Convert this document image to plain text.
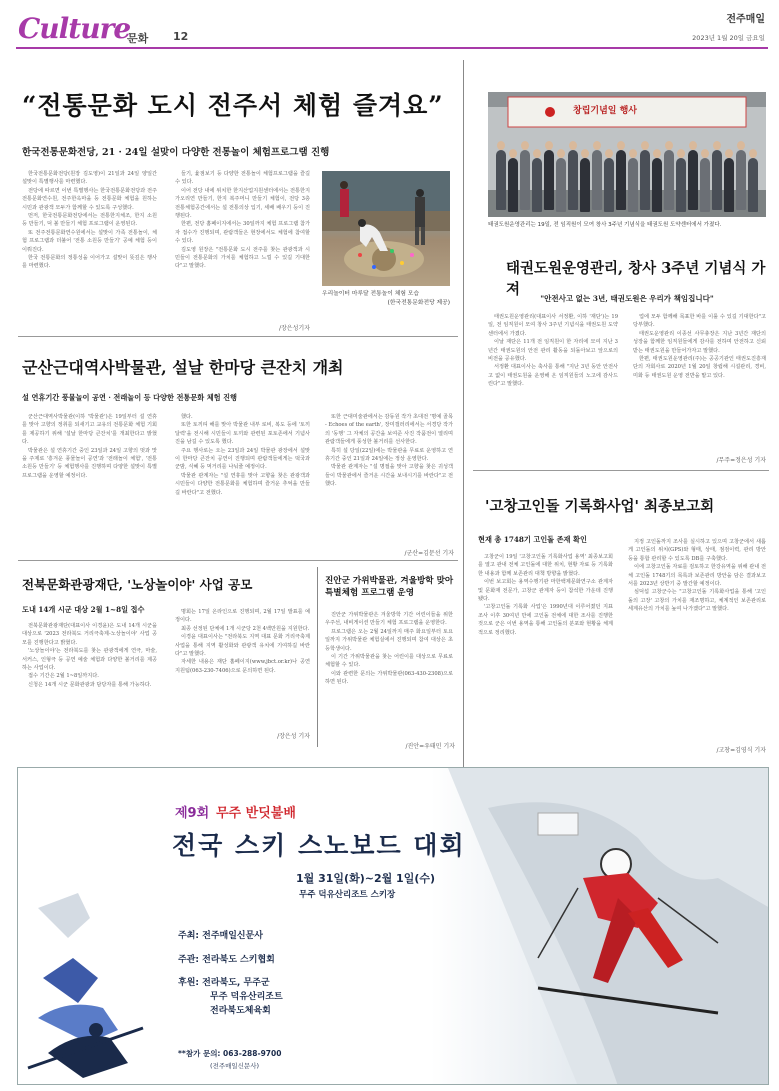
Culture
문화 12
전주매일
2023년 1월 20일 금요일
“전통문화 도시 전주서 체험 즐겨요”
한국전통문화전당, 21 · 24일 설맞이 다양한 전통놀이 체험프로그램 진행

한국전통문화전당(원장 김도영)이 21일과 24일 양일간 설맞이 특별행사를 마련했다.

전당에 따르면 이번 특별행사는 한국전통문화전당과 전주전통문화연수원, 전주한옥마을 등 전통문화 체험을 원하는 시민과 관광객 모두가 함께할 수 있도록 구성했다.

먼저, 한국전통문화전당에서는 전통한지체조, 한지 소원등 만들기, 덕 볼 만들기 체험 프로그램이 운영된다.

또 전주전통문화연수원에서는 설맞이 가족 전통놀이, 체험 프로그램과 더불어 '전통 소원등 만들기' 공예 체험 등이 이뤄진다.

한국 전통문화의 정통성을 이어가고 설맞이 뜻깊은 행사를 마련했다.

들기, 윷점보기 등 다양한 전통놀이 체험프로그램을 즐길 수 있다.

이어 전당 내에 위치한 한지산업지원센터에서는 전통한지 가오리연 만들기, 한지 복주머니 만들기 체험이, 전당 3층 전통체험공간에서는 설 전통의상 입기, 세배 배우기 등이 진행된다.

한편, 전당 홈페이지에서는 30일까지 체험 프로그램 참가자 접수가 진행되며, 관람객들은 현장에서도 체험에 참여할 수 있다.

김도영 원장은 "전통문화 도시 전주를 찾는 관광객과 시민들이 전통문화의 가치를 체험하고 느낄 수 있길 기대한다"고 말했다.

/장은성기자
우리놀이터 마루달 전통놀이 체험 모습
(한국전통문화전당 제공)
군산근대역사박물관, 설날 한마당 큰잔치 개최
설 연휴기간 풍물놀이 공연 · 전래놀이 등 다양한 전통문화 체험 진행

군산근대역사박물관(이하 '박물관')은 19일부터 설 연휴를 맞아 고향의 정취를 되새기고 교유의 전통문화 체험 기회를 제공하기 위해 '설날 한마당 큰잔치'를 개최한다고 밝혔다.

박물관은 설 연휴기간 중인 23일과 24일 고향의 멋과 맛을 주제로 '흥겨운 풍물놀이 공연'과 '전래놀이 체험', '전통 소원등 만들기' 등 체험행사를 진행하며 다양한 설맞이 특별 프로그램을 운영할 예정이다.

했다.

또한 토끼띠 해를 맞아 박물관 내부 로비, 복도 등에 '토끼 달력'을 전시해 시민들이 토끼와 관련된 포토존에서 기념사진을 남길 수 있도록 했다.

주요 행사로는 오는 23일과 24일 박물관 광장에서 설맞이 한마당 큰잔치 공연이 진행되며 관람객들에게는 떡국과 군밤, 식혜 등 먹거리를 나눠줄 예정이다.

박물관 관계자는 "설 연휴를 맞아 고향을 찾은 관광객과 시민들이 다양한 전통문화를 체험하며 즐거운 추억을 만들길 바란다"고 전했다.

또한 근대미술관에서는 감동원 작가 초대전 '명예 골목 - Echoes of the earth', 장미갤러리에서는 서경당 작가의 '동행' 그 자체의 공간을 보여준 사진 작품전이 열리며 관람객들에게 풍성한 볼거리를 선사한다.

특히 설 당일(22일)에는 박물관을 무료로 운영하고 연휴기간 중인 21일과 24일에는 정상 운영한다.

박물관 관계자는 "설 명절을 맞아 고향을 찾은 귀성객들이 박물관에서 즐거운 시간을 보내시기를 바란다"고 전했다.

/군산=김문선 기자
전북문화관광재단, '노상놀이야' 사업 공모
도내 14개 시군 대상 2월 1~8일 접수

전북문화관광재단(대표이사 이경윤)은 도내 14개 시군을 대상으로 '2023 전라북도 거리극축제-노상놀이야' 사업 공모를 진행한다고 밝혔다.

'노상놀이야'는 전라북도를 찾는 관광객에게 연극, 마술, 서커스, 인형극 등 공연 예술 체험과 다양한 볼거리를 제공하는 사업이다.

접수 기간은 2월 1~8일까지다.

신청은 14개 시군 문화관광과 담당자를 통해 가능하다.

명회는 17일 온라인으로 진행되며, 2월 17일 발표를 예정이다.

최종 선정된 단체에 1개 시군당 2천 4백만원을 지원한다.

이경윤 대표이사는 "전라북도 지역 대표 문화 거리극축제 사업을 통해 지역 활성화와 관광객 유치에 기여하길 바란다"고 말했다.

자세한 내용은 재단 홈페이지(www.jbct.or.kr)나 공연지원팀(063-230-7406)으로 문의하면 된다.

/장은성 기자
진안군 가위박물관, 겨울방학 맞아 특별체험 프로그램 운영

진안군 가위박물관은 겨울방학 기간 어린이들을 위한 우주선, 내비게이션 만들기 체험 프로그램을 운영한다.

프로그램은 오는 2월 24일까지 매주 화요일부터 토요일까지 가위박물관 체험실에서 진행되며 참여 대상은 초등학생이다.

이 기간 가위박물관을 찾는 어린이를 대상으로 무료로 체험할 수 있다.

이와 관련한 문의는 가위박물관(063-430-2308)으로 하면 된다.

/진안=우태민 기자
창립기념일 행사
태권도원운영관리는 19일, 전 임직원이 모여 창사 3주년 기념식을 태권도원 도약센터에서 가졌다.
태권도원운영관리, 창사 3주년 기념식 가져
"안전사고 없는 3년, 태권도원은 우리가 책임집니다"

태권도원운영관리(대표이사 서정환, 이하 '재단')는 19일, 전 임직원이 모여 창사 3주년 기념식을 태권도원 도약센터에서 가졌다.

이날 재단은 11개 전 임직원이 한 자리에 모여 지난 3년간 태권도원의 안전 관리 활동을 되돌아보고 앞으로의 비전을 공유했다.

서정환 대표이사는 축사를 통해 "지난 3년 동안 안전사고 없이 태권도원을 운영해 온 임직원들의 노고에 감사드린다"고 말했다.

업에 모두 함께해 목표한 바를 이룰 수 있길 기대한다"고 당부했다.

태권도운영관리 이종선 사무총장은 지난 3년간 재단의 성장을 함께한 임직원들에게 감사를 전하며 안전하고 신뢰받는 태권도원을 만들어가자고 말했다.

한편, 태권도원운영관리(주)는 공공기관인 태권도진흥재단의 자회사로 2020년 1월 20일 창립해 시설관리, 경비, 미화 등 태권도원 운영 전반을 맡고 있다.

/무주=정은성 기자
'고창고인돌 기록화사업' 최종보고회
현재 총 1748기 고인돌 존재 확인

고창군이 19일 '고창고인돌 기록화사업 용역' 최종보고회를 열고 관내 전체 고인돌에 대한 위치, 현황 자료 등 기록화한 내용과 함께 보존관리 대책 방향을 밝혔다.

이번 보고회는 용역수행기관 마한백제문화연구소 관계자 및 문화재 전문가, 고창군 관계자 등이 참석한 가운데 진행됐다.

'고창고인돌 기록화 사업'은 1990년대 이루어졌던 지표조사 이후 30여년 만에 고인돌 전체에 대한 조사를 진행한 것으로 군은 이번 용역을 통해 고인돌의 분포와 현황을 체계적으로 정리했다.

지정 고인돌까지 조사를 실시하고 있으며 고창군에서 새롭게 고인돌의 위치(GPS)와 형태, 상태, 점검이력, 관리 방안 등을 통합 관리할 수 있도록 DB를 구축했다.

이에 고창고인돌 자료를 검토하고 한강유역을 위해 관내 전체 고인돌 1748기의 목록과 보존관리 방안을 담은 결과보고서를 2023년 상반기 중 발간할 예정이다.

심덕섭 고창군수는 "고창고인돌 기록화사업을 통해 '고인돌의 고장' 고창의 가치를 재조명하고, 체계적인 보존관리로 세계유산의 가치를 높여 나가겠다"고 말했다.

/고창=김영식 기자
제9회 무주 반딧불배
전국 스키 스노보드 대회
1월 31일(화)~2월 1일(수)
무주 덕유산리조트 스키장
주최: 전주매일신문사
주관: 전라북도 스키협회
후원: 전라북도, 무주군
무주 덕유산리조트
전라북도체육회
**참가 문의: 063-288-9700
(전주매일신문사)
